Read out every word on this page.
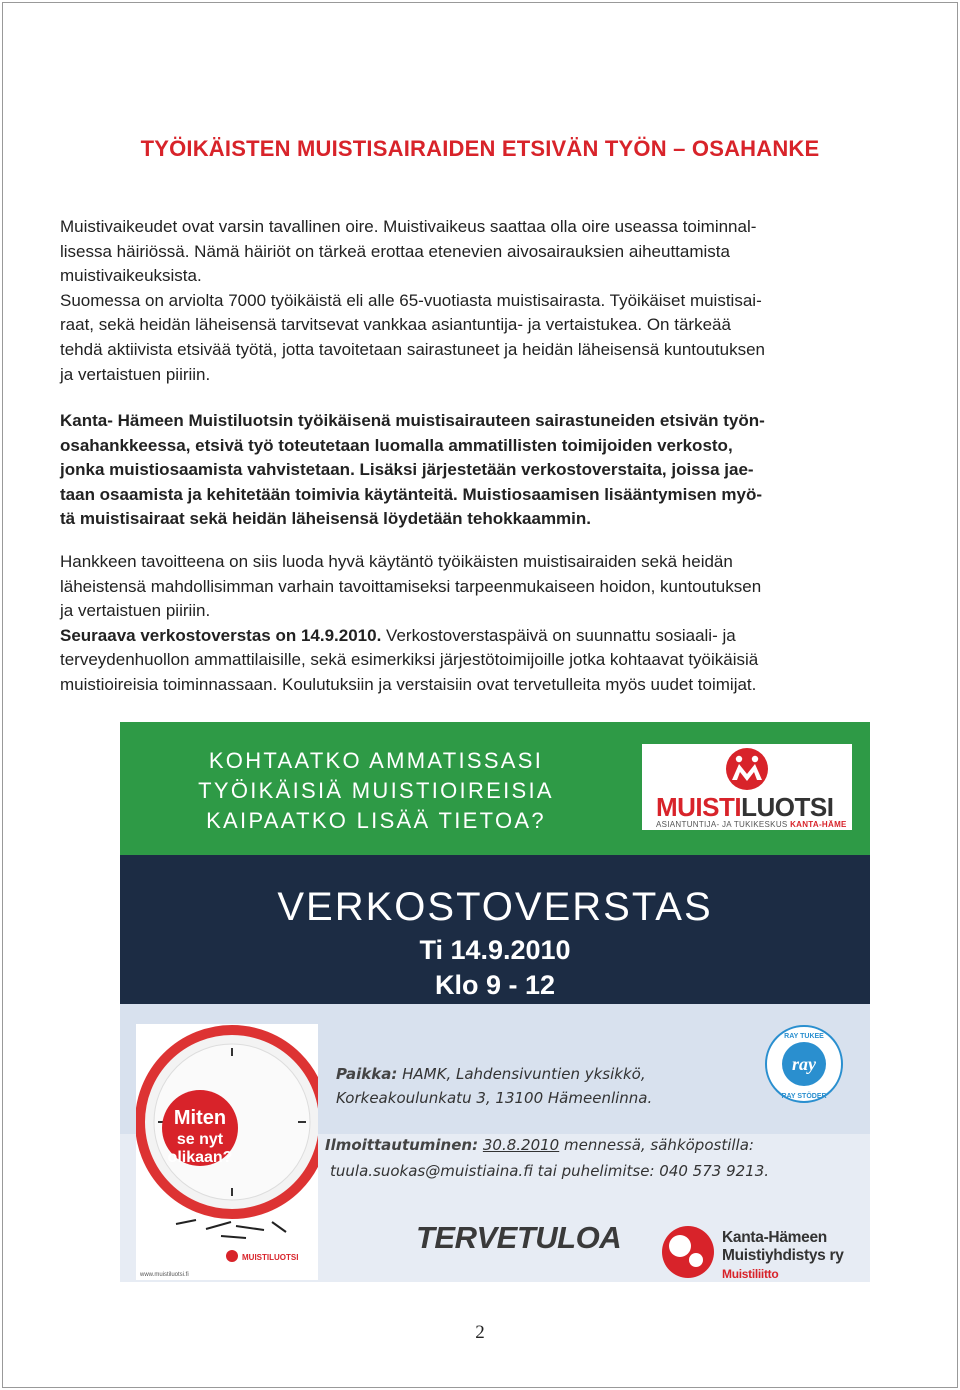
TYÖIKÄISTEN MUISTISAIRAIDEN ETSIVÄN TYÖN – OSAHANKE
Muistivaikeudet ovat varsin tavallinen oire. Muistivaikeus saattaa olla oire useassa toiminnal-
lisessa häiriössä. Nämä häiriöt on tärkeä erottaa etenevien aivosairauksien aiheuttamista
muistivaikeuksista.
Suomessa on arviolta 7000 työikäistä eli alle 65-vuotiasta muistisairasta. Työikäiset muistisai-
raat, sekä heidän läheisensä tarvitsevat vankkaa asiantuntija- ja vertaistukea. On tärkeää
tehdä aktiivista etsivää työtä, jotta tavoitetaan sairastuneet ja heidän läheisensä kuntoutuksen
ja vertaistuen piiriin.
Kanta- Hämeen Muistiluotsin työikäisenä muistisairauteen sairastuneiden etsivän työn-
osahankkeessa, etsivä työ toteutetaan luomalla ammatillisten toimijoiden verkosto,
jonka muistiosaamista vahvistetaan. Lisäksi järjestetään verkostoverstaita, joissa jae-
taan osaamista ja kehitetään toimivia käytänteitä. Muistiosaamisen lisääntymisen myö-
tä muistisairaat sekä heidän läheisensä löydetään tehokkaammin.
Hankkeen tavoitteena on siis luoda hyvä käytäntö työikäisten muistisairaiden sekä heidän
läheistensä mahdollisimman varhain tavoittamiseksi tarpeenmukaiseen hoidon, kuntoutuksen
ja vertaistuen piiriin.
Seuraava verkostoverstas on 14.9.2010. Verkostoverstaspäivä on suunnattu sosiaali- ja
terveydenhuollon ammattilaisille, sekä esimerkiksi järjestötoimijoille jotka kohtaavat työikäisiä
muistioireisia toiminnassaan. Koulutuksiin ja verstaisiin ovat tervetulleita myös uudet toimijat.
KOHTAATKO AMMATISSASI
TYÖIKÄISIÄ MUISTIOIREISIA
KAIPAATKO LISÄÄ TIETOA?	MUISTILUOTSI
ASIANTUNTIJA- JA TUKIKESKUS KANTA-HÄME
VERKOSTOVERSTAS
Ti 14.9.2010
Klo 9 - 12
Miten
se nyt
olikaan?
MUISTILUOTSI
www.muistiluotsi.fi
Paikka: HAMK, Lahdensivuntien yksikkö,
Korkeakoulunkatu 3, 13100 Hämeenlinna.
ray
RAY TUKEE
RAY STÖDER
Ilmoittautuminen: 30.8.2010 mennessä, sähköpostilla:
tuula.suokas@muistiaina.fi tai puhelimitse: 040 573 9213.
TERVETULOA	Kanta-Hämeen
Muistiyhdistys ry
Muistiliitto
2
